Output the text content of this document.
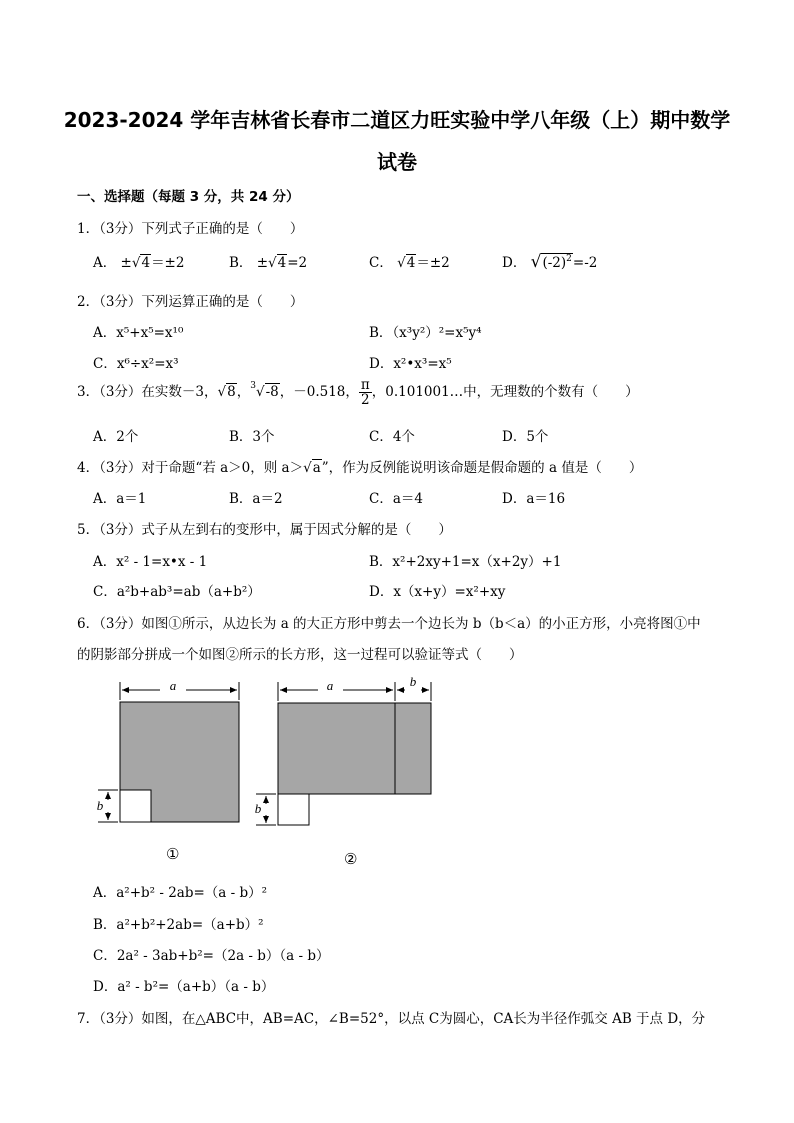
2023-2024 学年吉林省长春市二道区力旺实验中学八年级（上）期中数学
试卷
一、选择题（每题 3 分，共 24 分）
1．（3分）下列式子正确的是（　　）
A． ±√4＝±2	B． ±√4=2	C． √4＝±2	D． $√(-2)^2=-2$
2．（3分）下列运算正确的是（　　）
A．x⁵+x⁵=x¹⁰	B．（x³y²）²=x⁵y⁴
C．x⁶÷x²=x³	D．x²•x³=x⁵
3．（3分）在实数－3，√8，$^3$√-8，－0.518， $\frac{\pi}{2}$ ，0.101001…中，无理数的个数有（　　）
A．2个	B．3个	C．4个	D．5个
4．（3分）对于命题“若 a＞0，则 a＞√a”，作为反例能说明该命题是假命题的 a 值是（　　）
A．a＝1	B．a＝2	C．a＝4	D．a＝16
5．（3分）式子从左到右的变形中，属于因式分解的是（　　）
A．x² - 1=x•x - 1	B．x²+2xy+1=x（x+2y）+1
C．a²b+ab³=ab（a+b²）	D．x（x+y）=x²+xy
6．（3分）如图①所示，从边长为 a 的大正方形中剪去一个边长为 b（b＜a）的小正方形，小亮将图①中
的阴影部分拼成一个如图②所示的长方形，这一过程可以验证等式（　　）
a
b
a	b
b
①	②
A．a²+b² - 2ab=（a - b）²
B．a²+b²+2ab=（a+b）²
C．2a² - 3ab+b²=（2a - b）（a - b）
D．a² - b²=（a+b）（a - b）
7．（3分）如图，在△ABC中，AB=AC，∠B=52°，以点 C为圆心，CA长为半径作弧交 AB 于点 D，分
